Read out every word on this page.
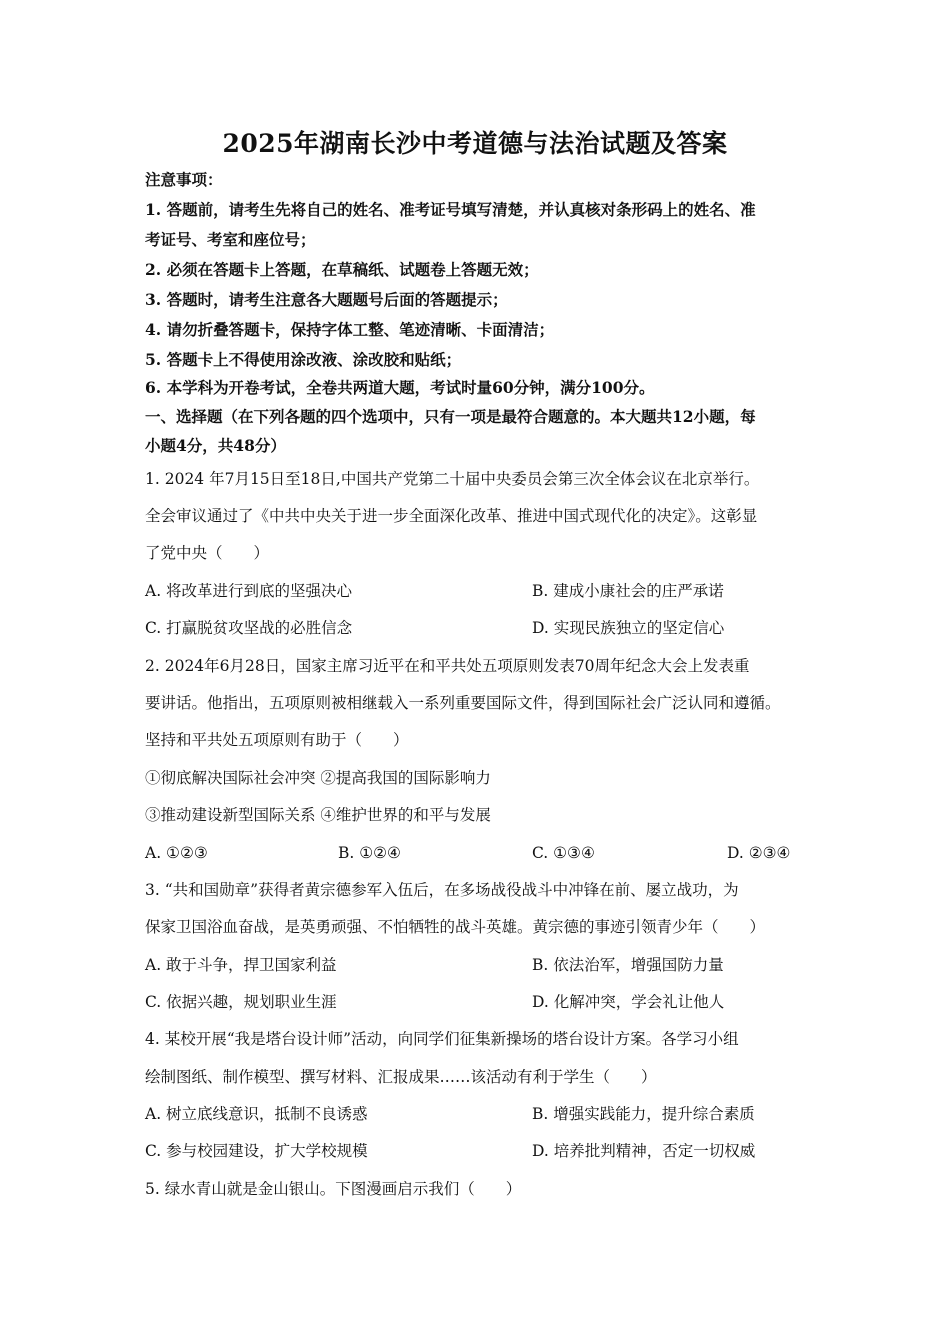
2025年湖南长沙中考道德与法治试题及答案
注意事项：
1. 答题前，请考生先将自己的姓名、准考证号填写清楚，并认真核对条形码上的姓名、准
考证号、考室和座位号；
2. 必须在答题卡上答题，在草稿纸、试题卷上答题无效；
3. 答题时，请考生注意各大题题号后面的答题提示；
4. 请勿折叠答题卡，保持字体工整、笔迹清晰、卡面清洁；
5. 答题卡上不得使用涂改液、涂改胶和贴纸；
6. 本学科为开卷考试，全卷共两道大题，考试时量60分钟，满分100分。
一、选择题（在下列各题的四个选项中，只有一项是最符合题意的。本大题共12小题，每
小题4分，共48分）
1. 2024 年7月15日至18日,中国共产党第二十届中央委员会第三次全体会议在北京举行。
全会审议通过了《中共中央关于进一步全面深化改革、推进中国式现代化的决定》。这彰显
了党中央（　　）
A. 将改革进行到底的坚强决心	B. 建成小康社会的庄严承诺
C. 打赢脱贫攻坚战的必胜信念	D. 实现民族独立的坚定信心
2. 2024年6月28日，国家主席习近平在和平共处五项原则发表70周年纪念大会上发表重
要讲话。他指出，五项原则被相继载入一系列重要国际文件，得到国际社会广泛认同和遵循。
坚持和平共处五项原则有助于（　　）
①彻底解决国际社会冲突 ②提高我国的国际影响力
③推动建设新型国际关系 ④维护世界的和平与发展
A. ①②③	B. ①②④	C. ①③④	D. ②③④
3. “共和国勋章”获得者黄宗德参军入伍后，在多场战役战斗中冲锋在前、屡立战功，为
保家卫国浴血奋战，是英勇顽强、不怕牺牲的战斗英雄。黄宗德的事迹引领青少年（　　）
A. 敢于斗争，捍卫国家利益	B. 依法治军，增强国防力量
C. 依据兴趣，规划职业生涯	D. 化解冲突，学会礼让他人
4. 某校开展“我是塔台设计师”活动，向同学们征集新操场的塔台设计方案。各学习小组
绘制图纸、制作模型、撰写材料、汇报成果……该活动有利于学生（　　）
A. 树立底线意识，抵制不良诱惑	B. 增强实践能力，提升综合素质
C. 参与校园建设，扩大学校规模	D. 培养批判精神，否定一切权威
5. 绿水青山就是金山银山。下图漫画启示我们（　　）
